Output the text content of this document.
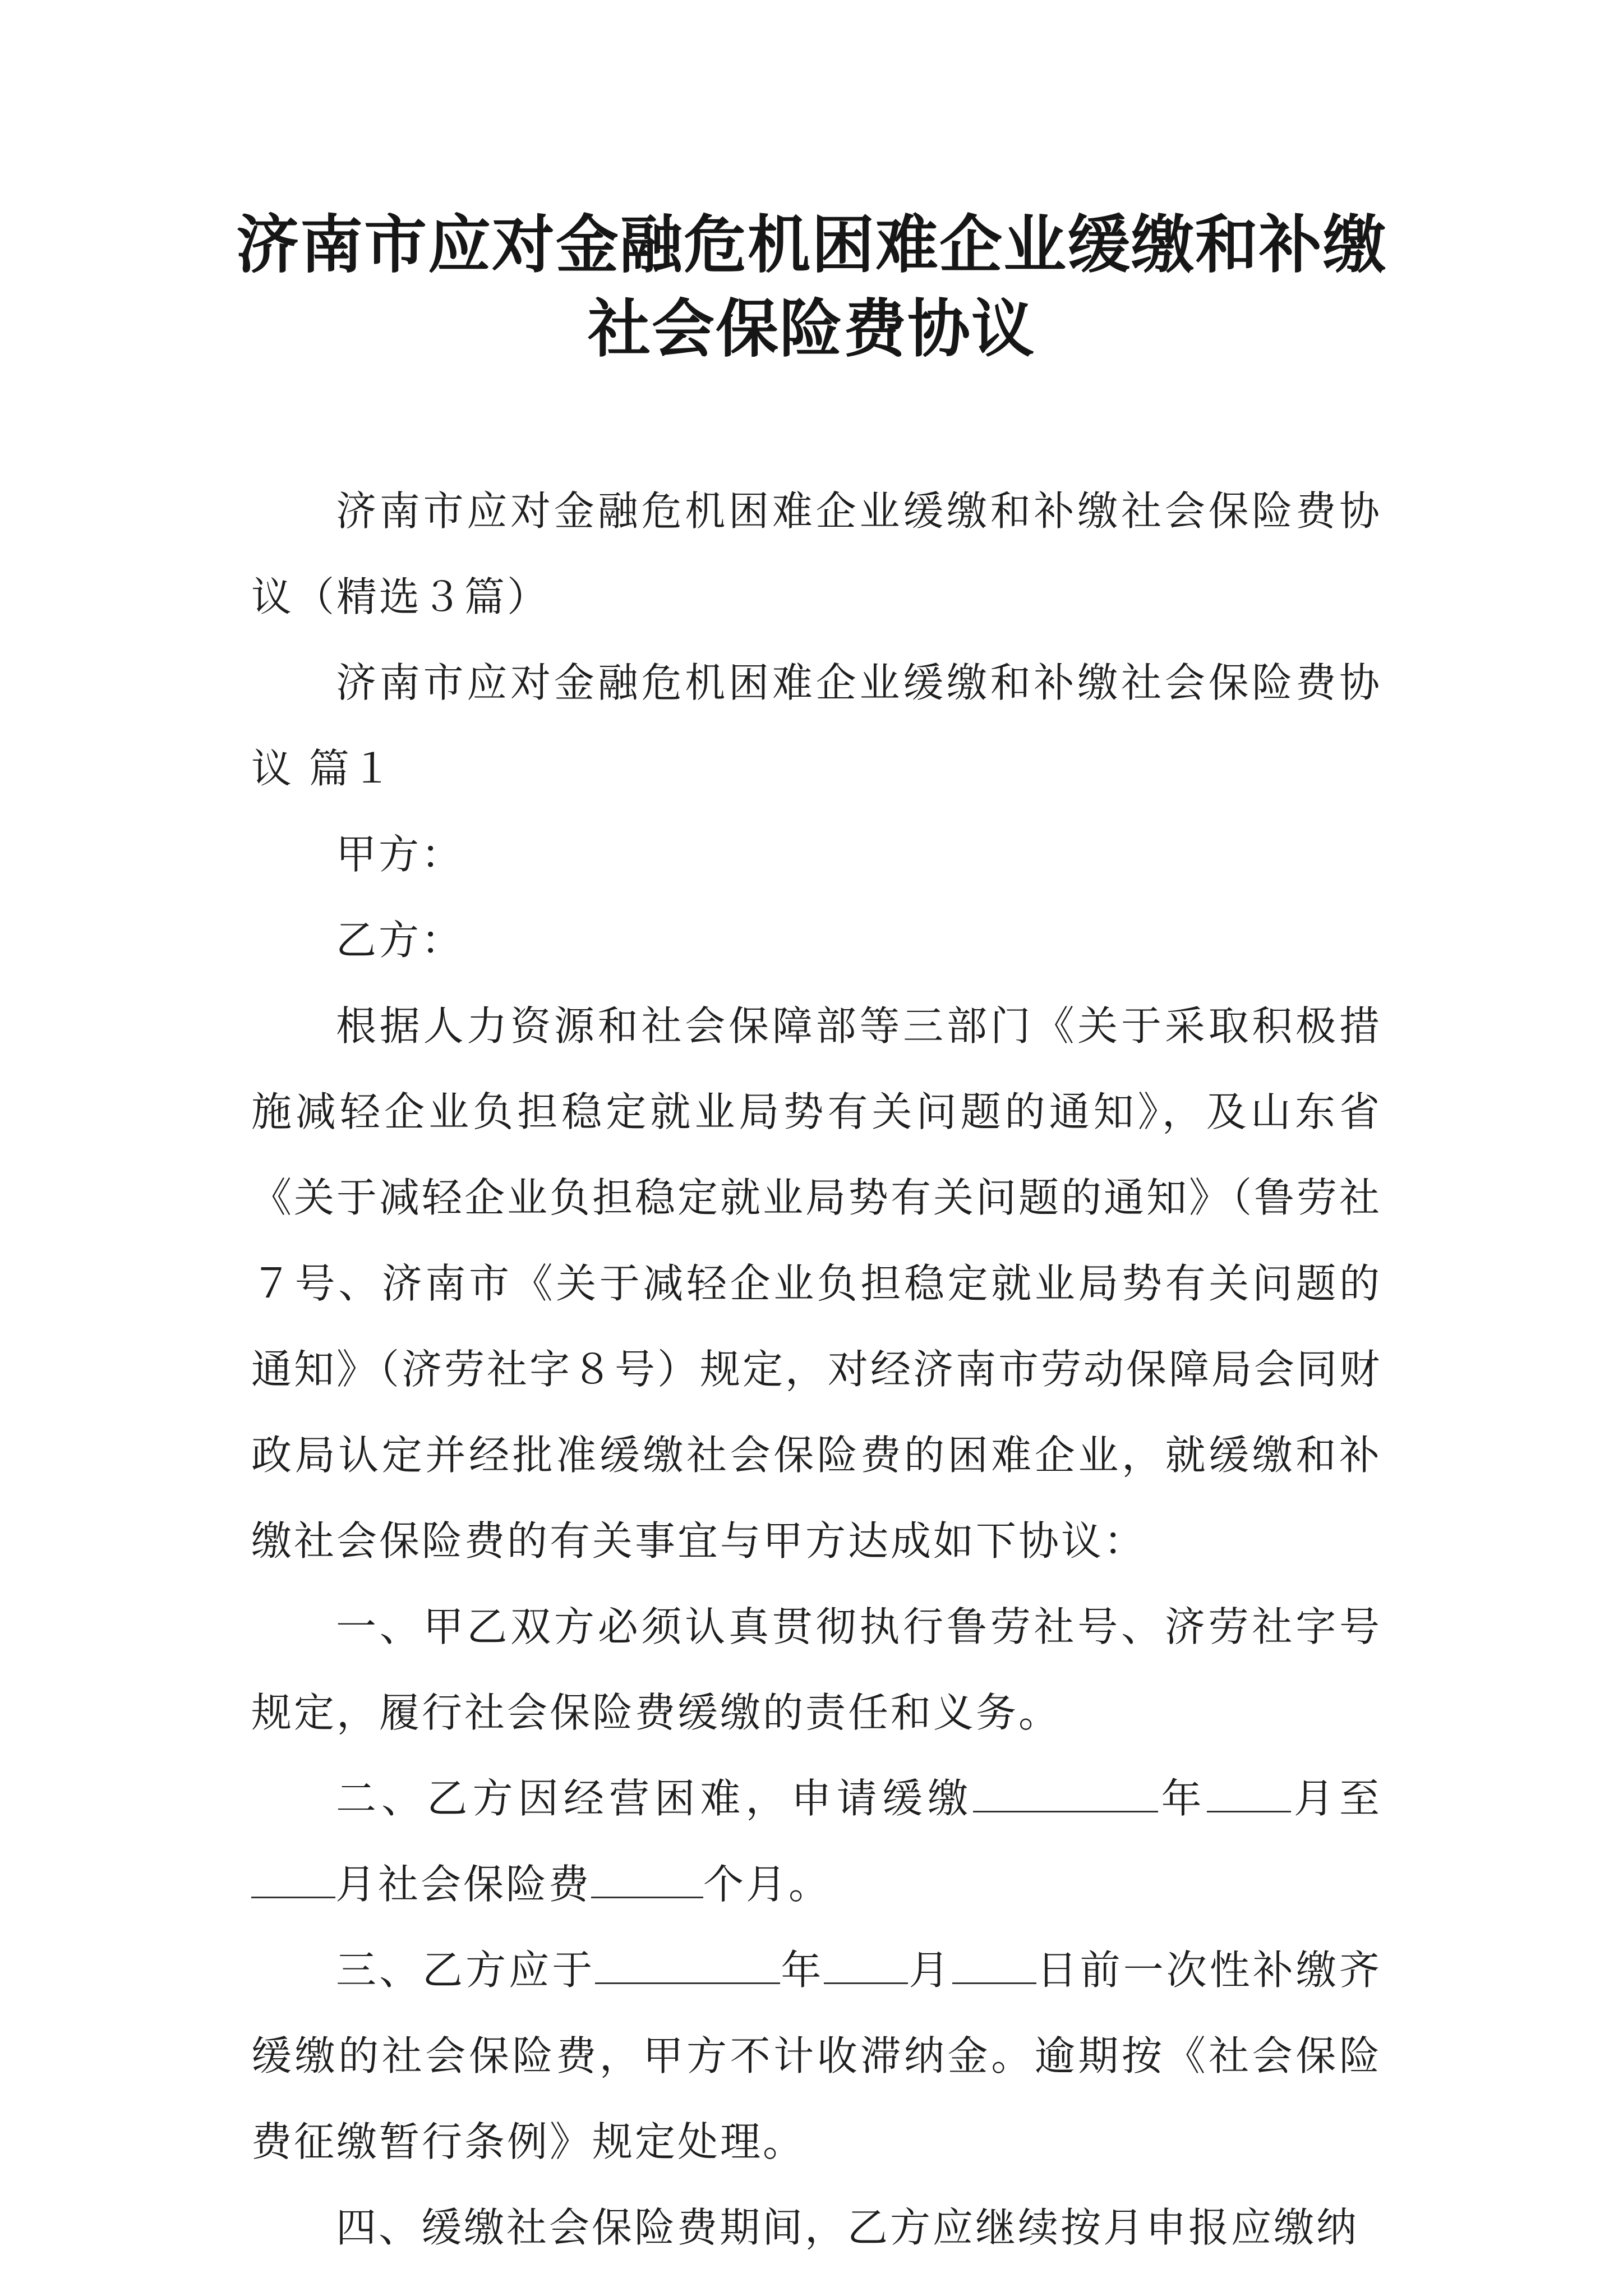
济南市应对金融危机困难企业缓缴和补缴
社会保险费协议

济南市应对金融危机困难企业缓缴和补缴社会保险费协议（精选３篇）

济南市应对金融危机困难企业缓缴和补缴社会保险费协议 篇１

甲方：

乙方：

根据人力资源和社会保障部等三部门《关于采取积极措施减轻企业负担稳定就业局势有关问题的通知》，及山东省《关于减轻企业负担稳定就业局势有关问题的通知》（鲁劳社７号、济南市《关于减轻企业负担稳定就业局势有关问题的通知》（济劳社字８号）规定，对经济南市劳动保障局会同财政局认定并经批准缓缴社会保险费的困难企业，就缓缴和补缴社会保险费的有关事宜与甲方达成如下协议：

一、甲乙双方必须认真贯彻执行鲁劳社号、济劳社字号规定，履行社会保险费缓缴的责任和义务。

二、乙方因经营困难，申请缓缴	年 月至月社会保险费	个月。

三、乙方应于	年 月 日前一次性补缴齐缓缴的社会保险费，甲方不计收滞纳金。逾期按《社会保险费征缴暂行条例》规定处理。

四、缓缴社会保险费期间，乙方应继续按月申报应缴纳
